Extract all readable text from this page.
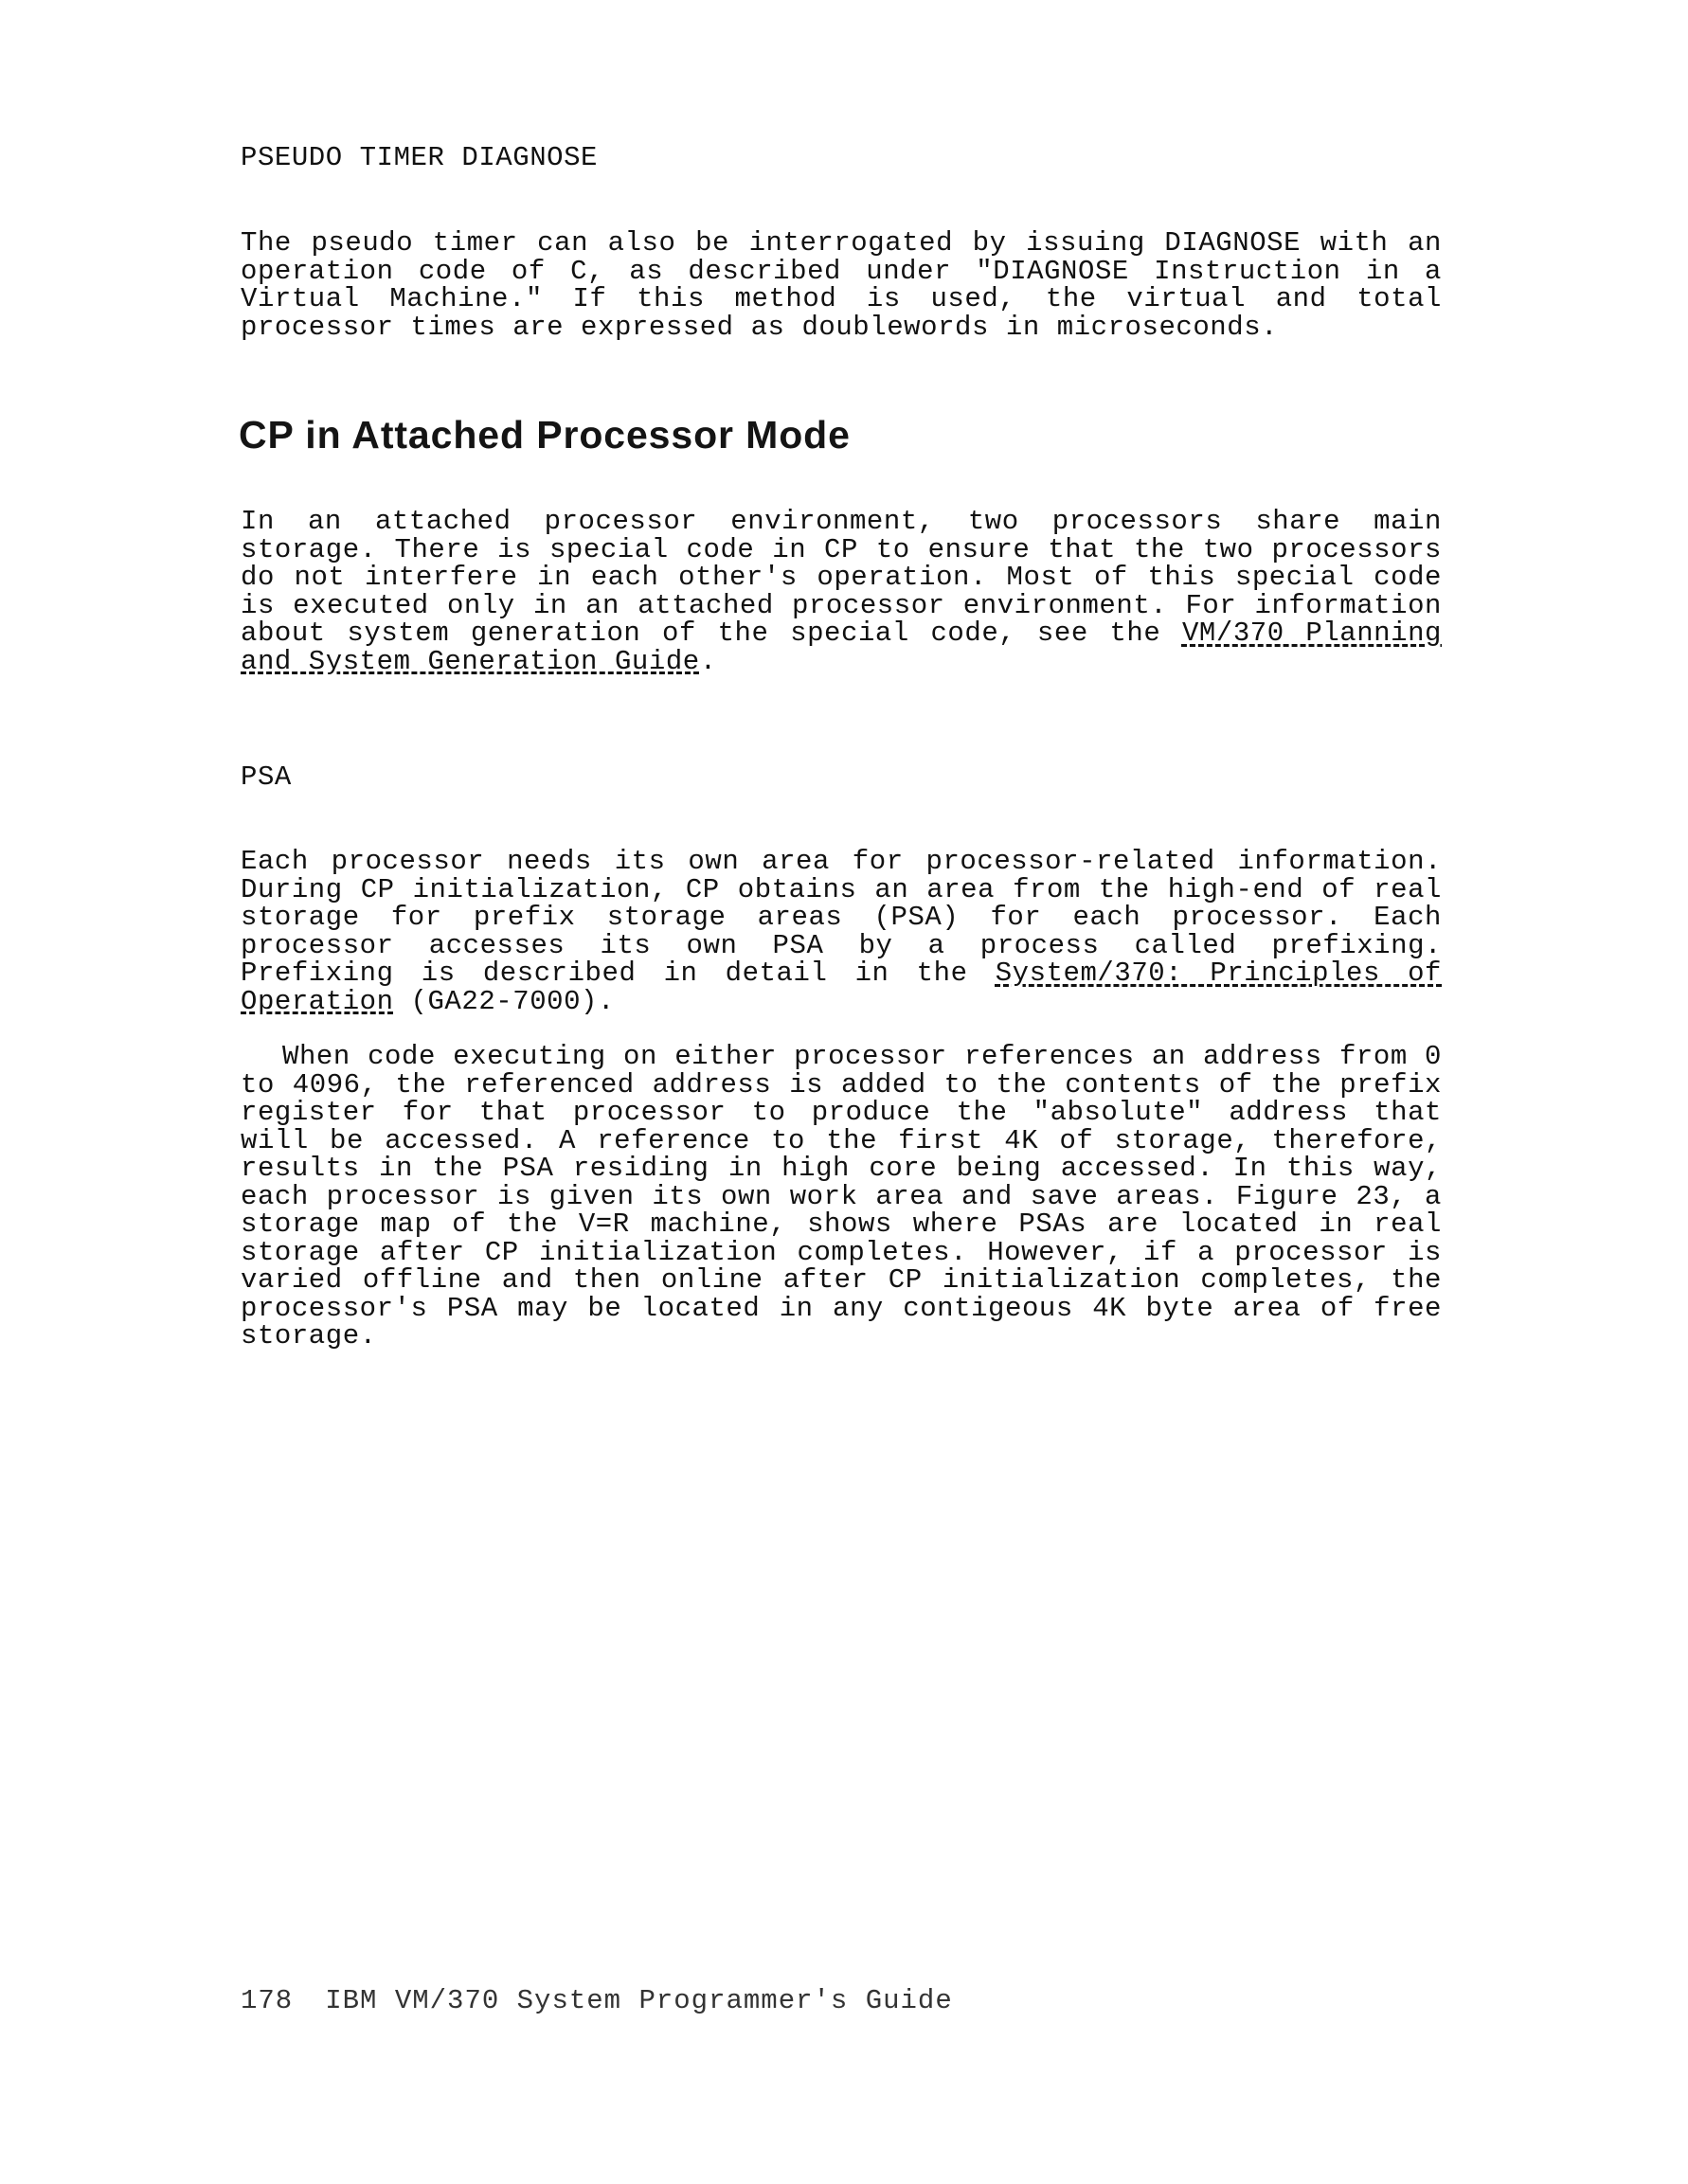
PSEUDO TIMER DIAGNOSE

The pseudo timer can also be interrogated by issuing DIAGNOSE with an operation code of C, as described under "DIAGNOSE Instruction in a Virtual Machine." If this method is used, the virtual and total processor times are expressed as doublewords in microseconds.

CP in Attached Processor Mode

In an attached processor environment, two processors share main storage. There is special code in CP to ensure that the two processors do not interfere in each other's operation. Most of this special code is executed only in an attached processor environment. For information about system generation of the special code, see the VM/370 Planning and System Generation Guide.

PSA

Each processor needs its own area for processor-related information. During CP initialization, CP obtains an area from the high-end of real storage for prefix storage areas (PSA) for each processor. Each processor accesses its own PSA by a process called prefixing. Prefixing is described in detail in the System/370: Principles of Operation (GA22-7000).

When code executing on either processor references an address from 0 to 4096, the referenced address is added to the contents of the prefix register for that processor to produce the "absolute" address that will be accessed. A reference to the first 4K of storage, therefore, results in the PSA residing in high core being accessed. In this way, each processor is given its own work area and save areas. Figure 23, a storage map of the V=R machine, shows where PSAs are located in real storage after CP initialization completes. However, if a processor is varied offline and then online after CP initialization completes, the processor's PSA may be located in any contigeous 4K byte area of free storage.

178 IBM VM/370 System Programmer's Guide
